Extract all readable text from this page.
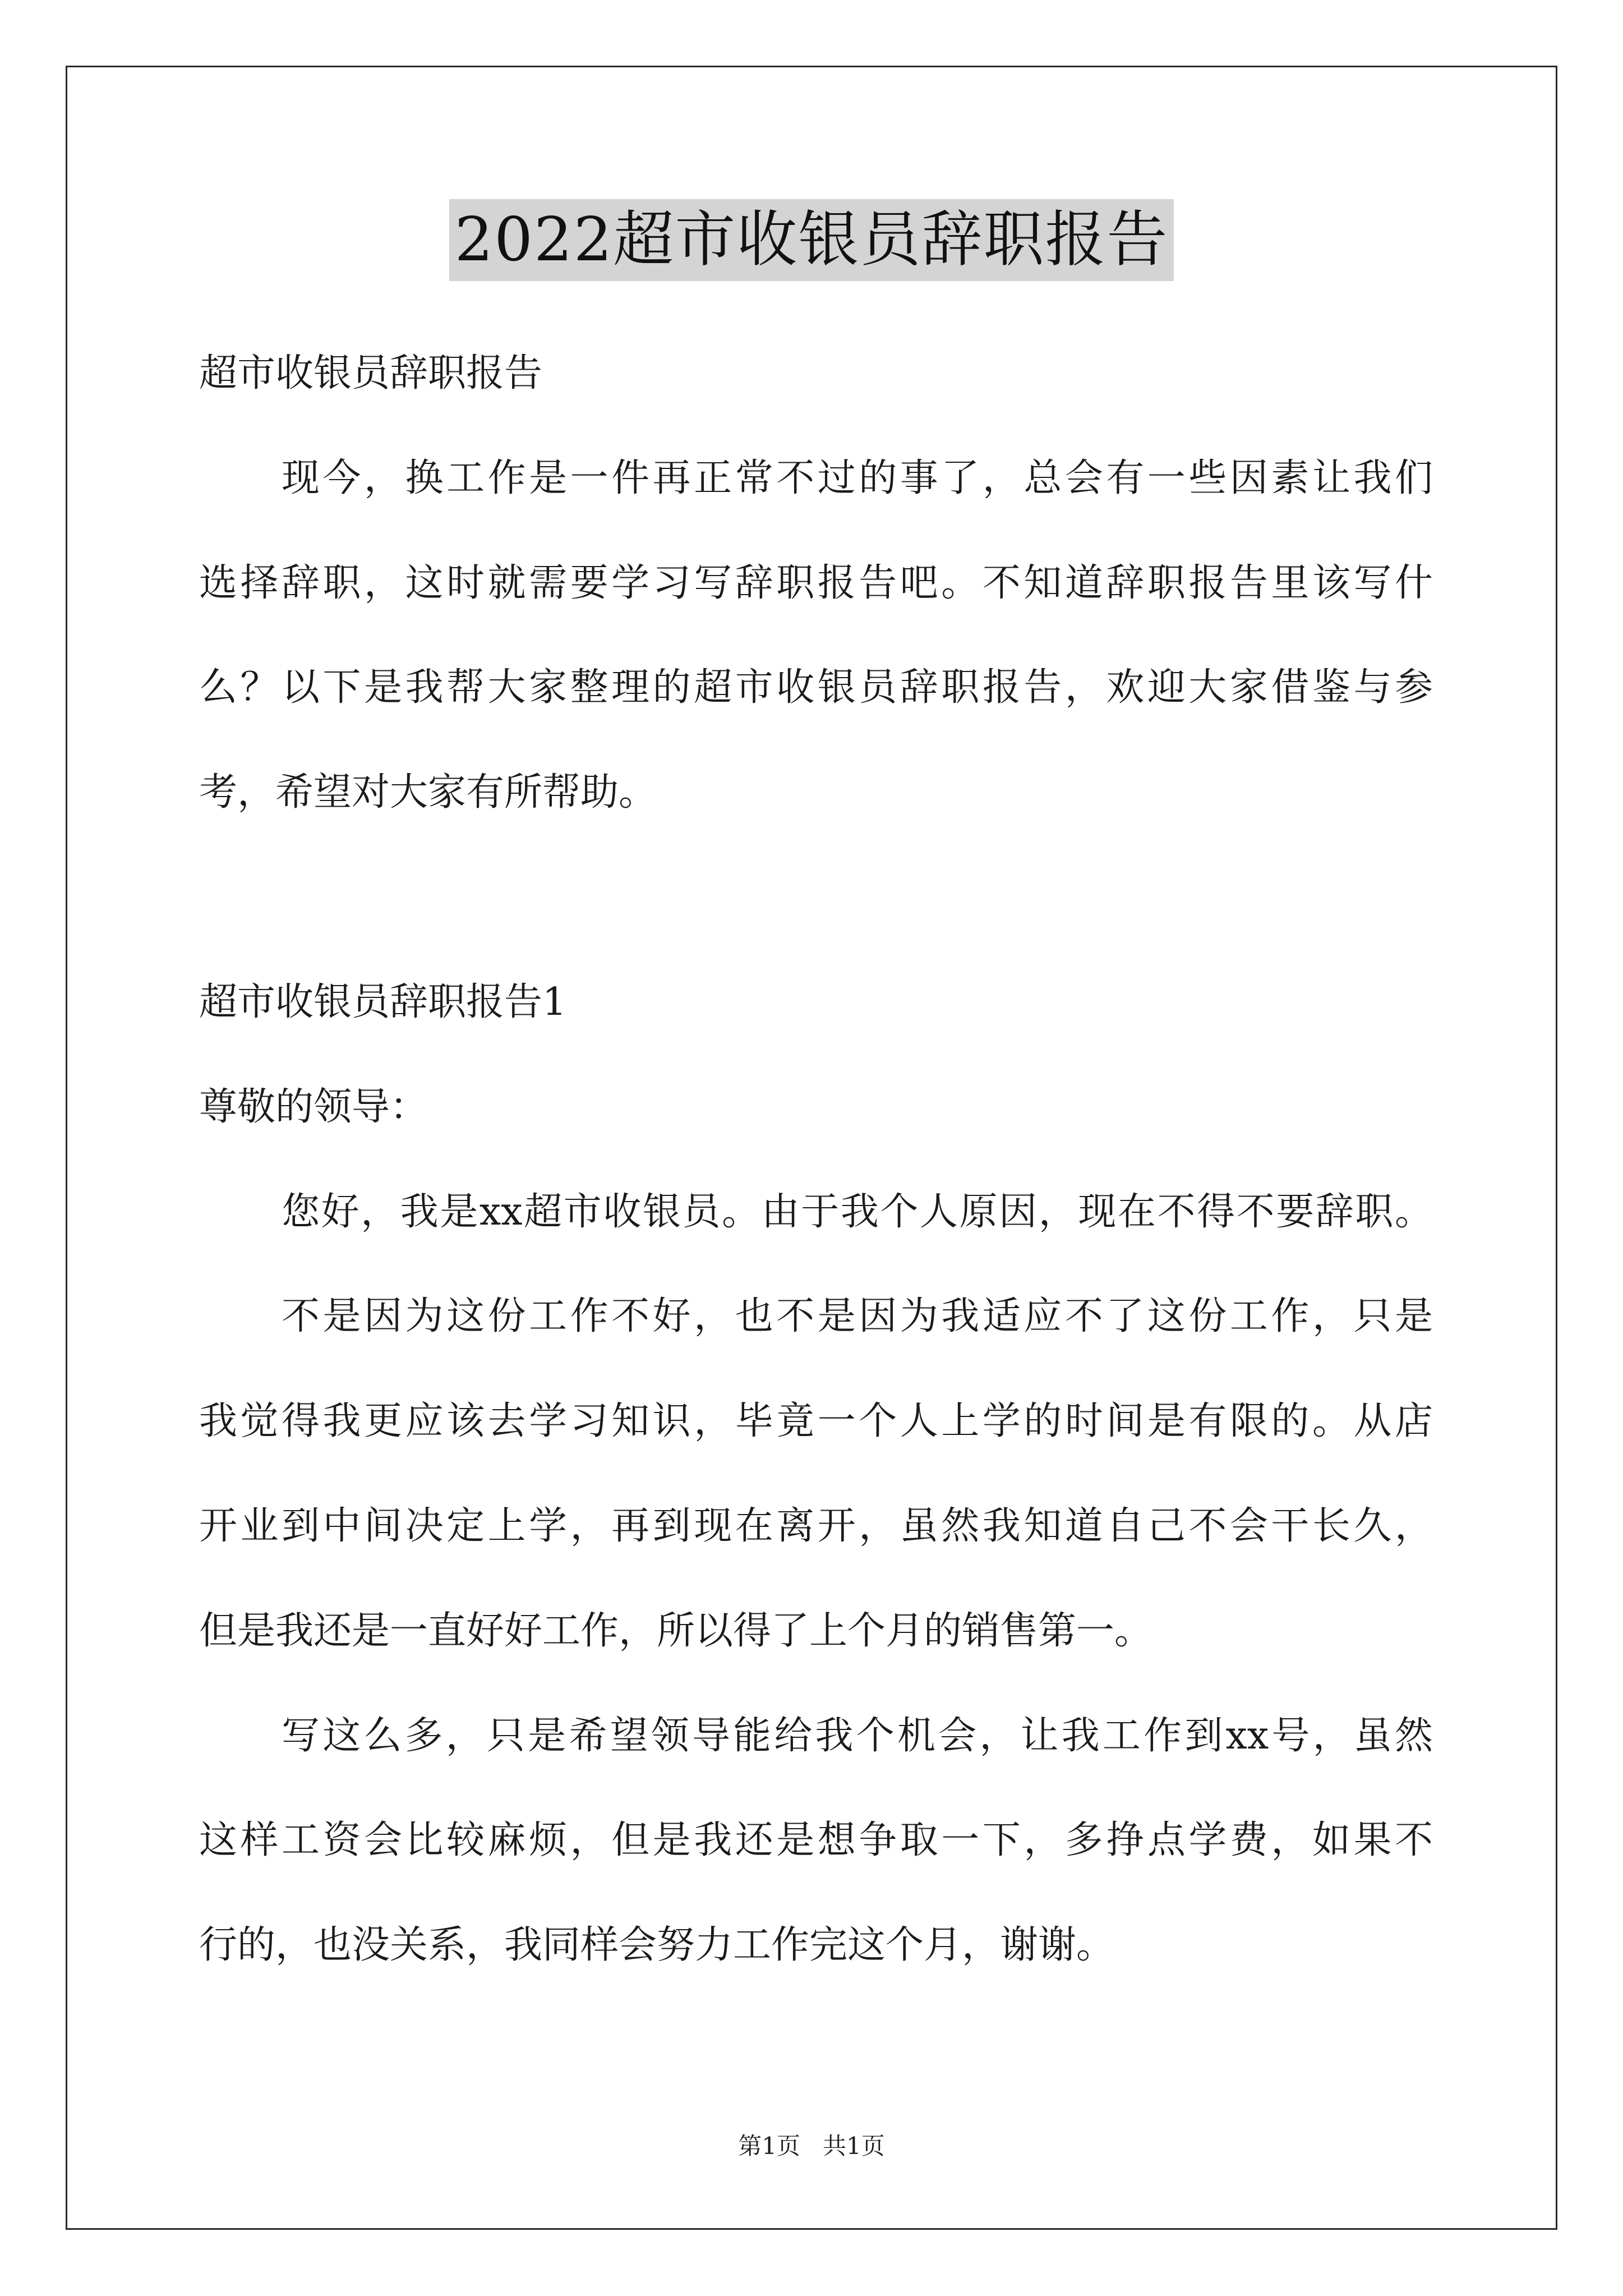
2022超市收银员辞职报告
超市收银员辞职报告
现今，换工作是一件再正常不过的事了，总会有一些因素让我们
选择辞职，这时就需要学习写辞职报告吧。不知道辞职报告里该写什
么？以下是我帮大家整理的超市收银员辞职报告，欢迎大家借鉴与参
考，希望对大家有所帮助。
超市收银员辞职报告1
尊敬的领导：
您好，我是xx超市收银员。由于我个人原因，现在不得不要辞职。
不是因为这份工作不好，也不是因为我适应不了这份工作，只是
我觉得我更应该去学习知识，毕竟一个人上学的时间是有限的。从店
开业到中间决定上学，再到现在离开，虽然我知道自己不会干长久，
但是我还是一直好好工作，所以得了上个月的销售第一。
写这么多，只是希望领导能给我个机会，让我工作到xx号，虽然
这样工资会比较麻烦，但是我还是想争取一下，多挣点学费，如果不
行的，也没关系，我同样会努力工作完这个月，谢谢。
第1页   共1页
